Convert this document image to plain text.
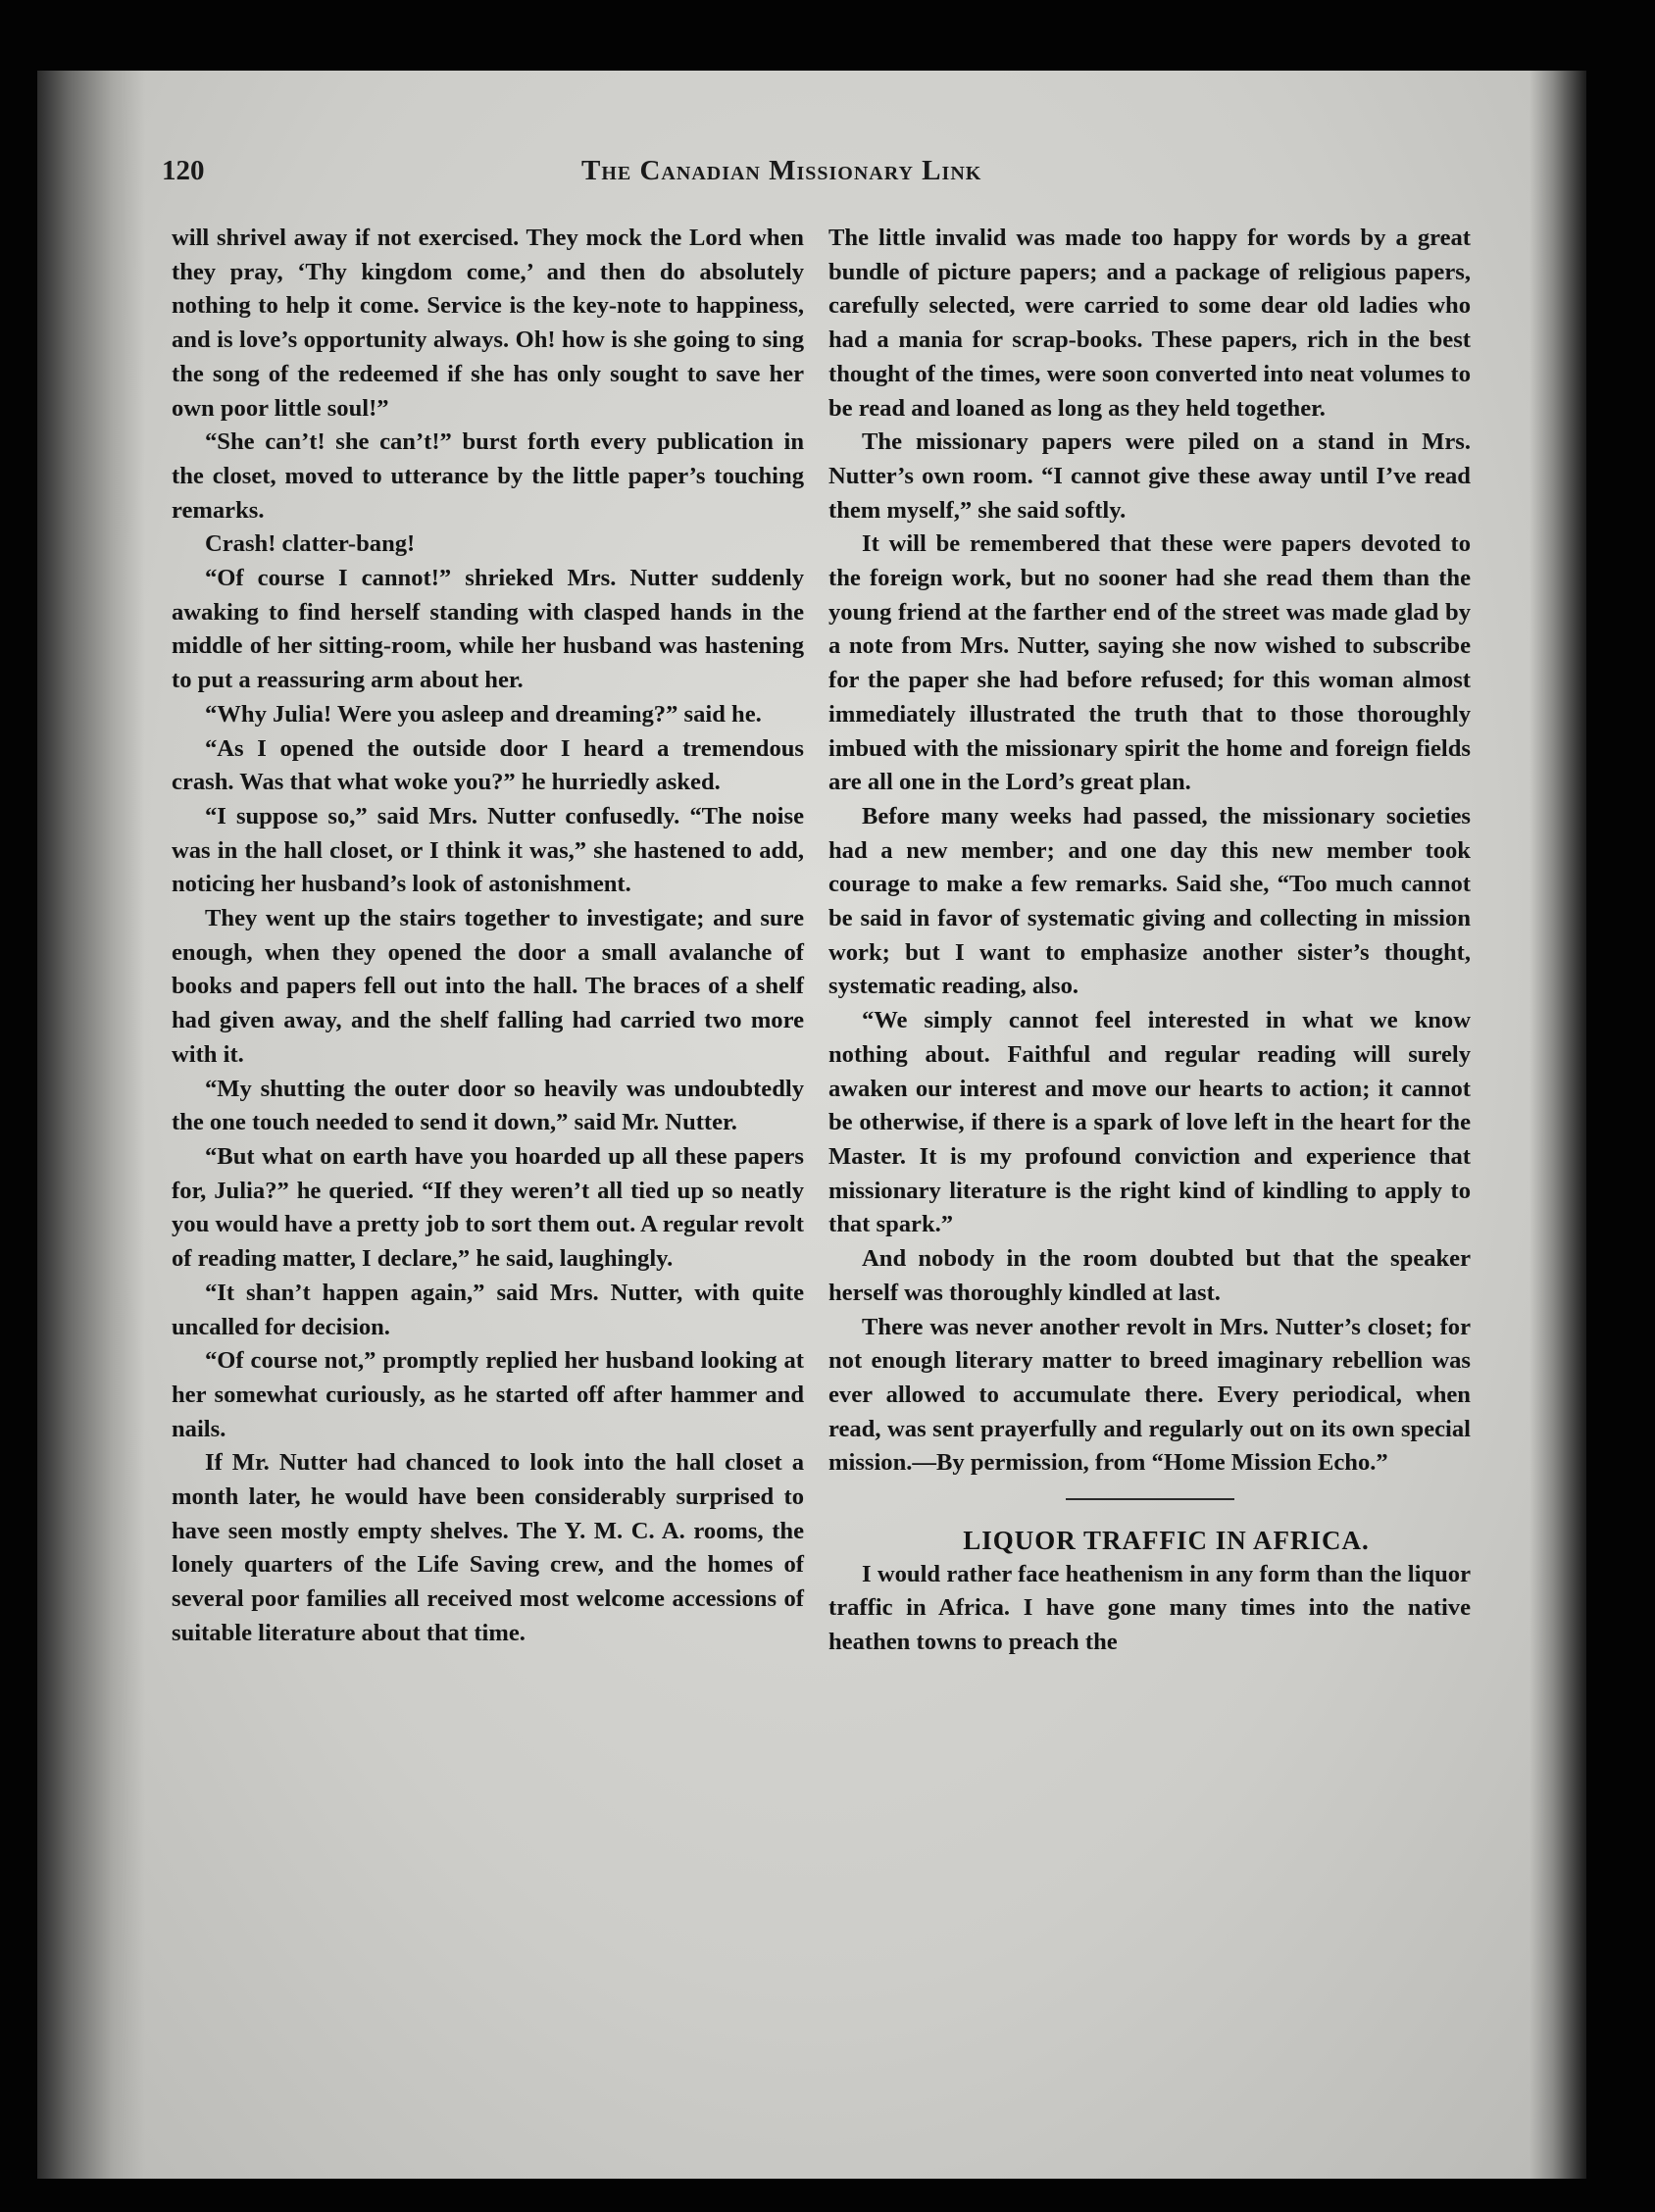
120	The Canadian Missionary Link

will shrivel away if not exercised. They mock the Lord when they pray, ‘Thy kingdom come,’ and then do absolutely nothing to help it come. Service is the key-note to happiness, and is love’s opportunity always. Oh! how is she going to sing the song of the redeemed if she has only sought to save her own poor little soul!”

“She can’t! she can’t!” burst forth every publication in the closet, moved to utterance by the little paper’s touching remarks.

Crash! clatter-bang!

“Of course I cannot!” shrieked Mrs. Nutter suddenly awaking to find herself standing with clasped hands in the middle of her sitting-room, while her husband was hastening to put a reassuring arm about her.

“Why Julia! Were you asleep and dreaming?” said he.

“As I opened the outside door I heard a tremendous crash. Was that what woke you?” he hurriedly asked.

“I suppose so,” said Mrs. Nutter confusedly. “The noise was in the hall closet, or I think it was,” she hastened to add, noticing her husband’s look of astonishment.

They went up the stairs together to investigate; and sure enough, when they opened the door a small avalanche of books and papers fell out into the hall. The braces of a shelf had given away, and the shelf falling had carried two more with it.

“My shutting the outer door so heavily was undoubtedly the one touch needed to send it down,” said Mr. Nutter.

“But what on earth have you hoarded up all these papers for, Julia?” he queried. “If they weren’t all tied up so neatly you would have a pretty job to sort them out. A regular revolt of reading matter, I declare,” he said, laughingly.

“It shan’t happen again,” said Mrs. Nutter, with quite uncalled for decision.

“Of course not,” promptly replied her husband looking at her somewhat curiously, as he started off after hammer and nails.

If Mr. Nutter had chanced to look into the hall closet a month later, he would have been considerably surprised to have seen mostly empty shelves. The Y. M. C. A. rooms, the lonely quarters of the Life Saving crew, and the homes of several poor families all received most welcome accessions of suitable literature about that time.

The little invalid was made too happy for words by a great bundle of picture papers; and a package of religious papers, carefully selected, were carried to some dear old ladies who had a mania for scrap-books. These papers, rich in the best thought of the times, were soon converted into neat volumes to be read and loaned as long as they held together.

The missionary papers were piled on a stand in Mrs. Nutter’s own room. “I cannot give these away until I’ve read them myself,” she said softly.

It will be remembered that these were papers devoted to the foreign work, but no sooner had she read them than the young friend at the farther end of the street was made glad by a note from Mrs. Nutter, saying she now wished to subscribe for the paper she had before refused; for this woman almost immediately illustrated the truth that to those thoroughly imbued with the missionary spirit the home and foreign fields are all one in the Lord’s great plan.

Before many weeks had passed, the missionary societies had a new member; and one day this new member took courage to make a few remarks. Said she, “Too much cannot be said in favor of systematic giving and collecting in mission work; but I want to emphasize another sister’s thought, systematic reading, also.

“We simply cannot feel interested in what we know nothing about. Faithful and regular reading will surely awaken our interest and move our hearts to action; it cannot be otherwise, if there is a spark of love left in the heart for the Master. It is my profound conviction and experience that missionary literature is the right kind of kindling to apply to that spark.”

And nobody in the room doubted but that the speaker herself was thoroughly kindled at last.

There was never another revolt in Mrs. Nutter’s closet; for not enough literary matter to breed imaginary rebellion was ever allowed to accumulate there. Every periodical, when read, was sent prayerfully and regularly out on its own special mission.—By permission, from “Home Mission Echo.”

LIQUOR TRAFFIC IN AFRICA.

I would rather face heathenism in any form than the liquor traffic in Africa. I have gone many times into the native heathen towns to preach the
